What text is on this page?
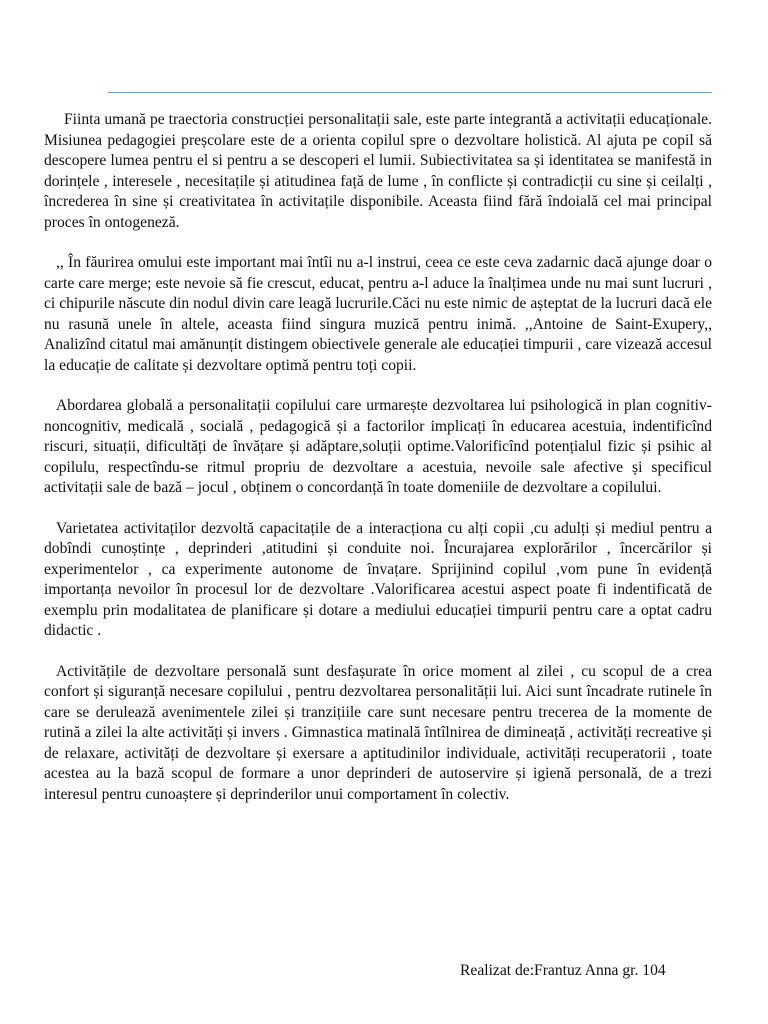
Fiinta umană pe traectoria construcției personalitații sale, este parte integrantă a activitații educaționale. Misiunea pedagogiei preșcolare este de a orienta copilul spre o dezvoltare holistică. Al ajuta pe copil să descopere lumea pentru el si pentru a se descoperi el lumii. Subiectivitatea sa și identitatea se manifestă in dorințele , interesele , necesitațile și atitudinea față de lume , în conflicte și contradicții cu sine și ceilalți , încrederea în sine și creativitatea în activitațile disponibile. Aceasta fiind fără îndoială cel mai principal proces în ontogeneză.

,, În făurirea omului este important mai întîi nu a-l instrui, ceea ce este ceva zadarnic dacă ajunge doar o carte care merge; este nevoie să fie crescut, educat, pentru a-l aduce la înalțimea unde nu mai sunt lucruri , ci chipurile născute din nodul divin care leagă lucrurile.Căci nu este nimic de așteptat de la lucruri dacă ele nu rasună unele în altele, aceasta fiind singura muzică pentru inimă. ,,Antoine de Saint-Exupery,, Analizînd citatul mai amănunțit distingem obiectivele generale ale educației timpurii , care vizează accesul la educație de calitate și dezvoltare optimă pentru toți copii.

Abordarea globală a personalitații copilului care urmarește dezvoltarea lui psihologică in plan cognitiv-noncognitiv, medicală , socială , pedagogică și a factorilor implicați în educarea acestuia, indentificînd riscuri, situații, dificultăți de învățare și adăptare,soluții optime.Valorificînd potențialul fizic și psihic al copilulu, respectîndu-se ritmul propriu de dezvoltare a acestuia, nevoile sale afective și specificul activitații sale de bază – jocul , obținem o concordanță în toate domeniile de dezvoltare a copilului.

Varietatea activitaților dezvoltă capacitațile de a interacționa cu alți copii ,cu adulți și mediul pentru a dobîndi cunoștințe , deprinderi ,atitudini și conduite noi. Încurajarea explorărilor , încercărilor și experimentelor , ca experimente autonome de învațare. Sprijinind copilul ,vom pune în evidență importanța nevoilor în procesul lor de dezvoltare .Valorificarea acestui aspect poate fi indentificată de exemplu prin modalitatea de planificare și dotare a mediului educației timpurii pentru care a optat cadru didactic .

Activitățile de dezvoltare personală sunt desfașurate în orice moment al zilei , cu scopul de a crea confort și siguranță necesare copilului , pentru dezvoltarea personalității lui. Aici sunt încadrate rutinele în care se derulează avenimentele zilei și tranzițiile care sunt necesare pentru trecerea de la momente de rutină a zilei la alte activități și invers . Gimnastica matinală întîlnirea de dimineață , activități recreative și de relaxare, activități de dezvoltare și exersare a aptitudinilor individuale, activități recuperatorii , toate acestea au la bază scopul de formare a unor deprinderi de autoservire și igienă personală, de a trezi interesul pentru cunoaștere și deprinderilor unui comportament în colectiv.

Realizat de:Frantuz Anna gr. 104
